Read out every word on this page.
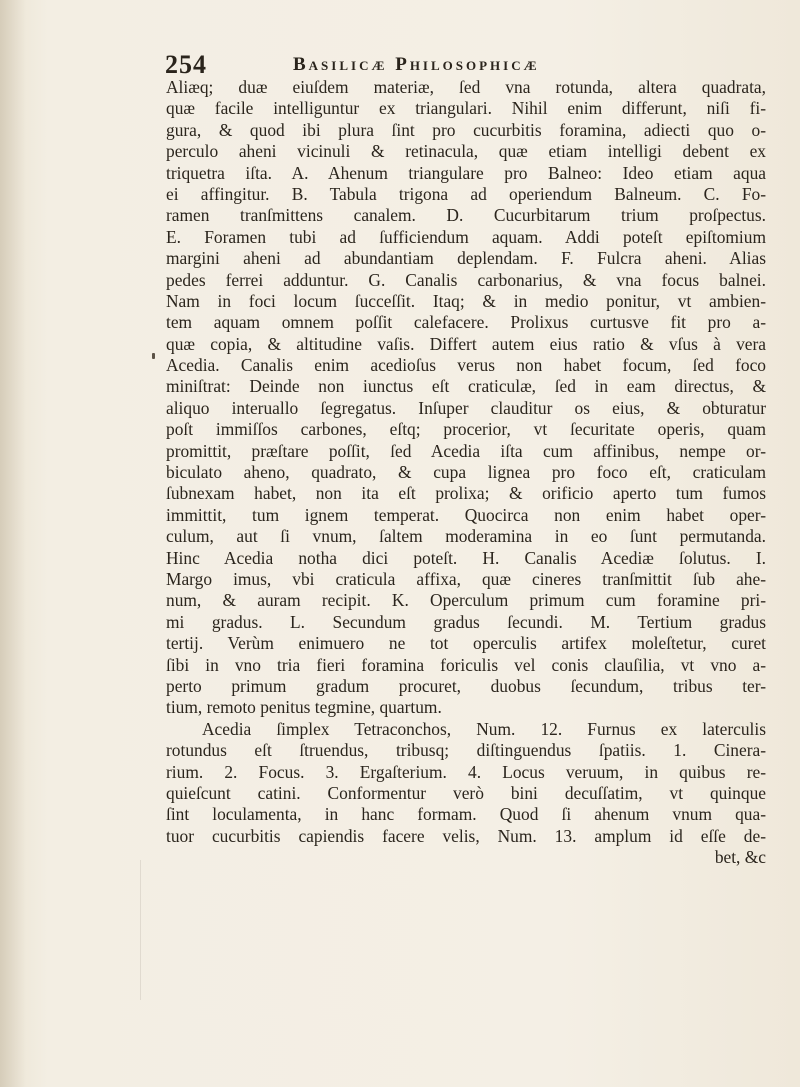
254	Basilicæ Philosophicæ
Aliæq; duæ eiuſdem materiæ, ſed vna rotunda, altera quadrata,
quæ facile intelliguntur ex triangulari. Nihil enim differunt, niſi fi-
gura, & quod ibi plura ſint pro cucurbitis foramina, adiecti quo o-
perculo aheni vicinuli & retinacula, quæ etiam intelligi debent ex
triquetra iſta. A. Ahenum triangulare pro Balneo: Ideo etiam aqua
ei affingitur. B. Tabula trigona ad operiendum Balneum. C. Fo-
ramen tranſmittens canalem. D. Cucurbitarum trium proſpectus.
E. Foramen tubi ad ſufficiendum aquam. Addi poteſt epiſtomium
margini aheni ad abundantiam deplendam. F. Fulcra aheni. Alias
pedes ferrei adduntur. G. Canalis carbonarius, & vna focus balnei.
Nam in foci locum ſucceſſit. Itaq; & in medio ponitur, vt ambien-
tem aquam omnem poſſit calefacere. Prolixus curtusve fit pro a-
quæ copia, & altitudine vaſis. Differt autem eius ratio & vſus à vera
Acedia. Canalis enim acedioſus verus non habet focum, ſed foco
miniſtrat: Deinde non iunctus eſt craticulæ, ſed in eam directus, &
aliquo interuallo ſegregatus. Inſuper clauditur os eius, & obturatur
poſt immiſſos carbones, eſtq; procerior, vt ſecuritate operis, quam
promittit, præſtare poſſit, ſed Acedia iſta cum affinibus, nempe or-
biculato aheno, quadrato, & cupa lignea pro foco eſt, craticulam
ſubnexam habet, non ita eſt prolixa; & orificio aperto tum fumos
immittit, tum ignem temperat. Quocirca non enim habet oper-
culum, aut ſi vnum, ſaltem moderamina in eo ſunt permutanda.
Hinc Acedia notha dici poteſt. H. Canalis Acediæ ſolutus. I.
Margo imus, vbi craticula affixa, quæ cineres tranſmittit ſub ahe-
num, & auram recipit. K. Operculum primum cum foramine pri-
mi gradus. L. Secundum gradus ſecundi. M. Tertium gradus
tertij. Verùm enimuero ne tot operculis artifex moleſtetur, curet
ſibi in vno tria fieri foramina foriculis vel conis clauſilia, vt vno a-
perto primum gradum procuret, duobus ſecundum, tribus ter-
tium, remoto penitus tegmine, quartum.
Acedia ſimplex Tetraconchos, Num. 12. Furnus ex laterculis
rotundus eſt ſtruendus, tribusq; diſtinguendus ſpatiis. 1. Cinera-
rium. 2. Focus. 3. Ergaſterium. 4. Locus veruum, in quibus re-
quieſcunt catini. Conformentur verò bini decuſſatim, vt quinque
ſint loculamenta, in hanc formam. Quod ſi ahenum vnum qua-
tuor cucurbitis capiendis facere velis, Num. 13. amplum id eſſe de-
bet, &c
